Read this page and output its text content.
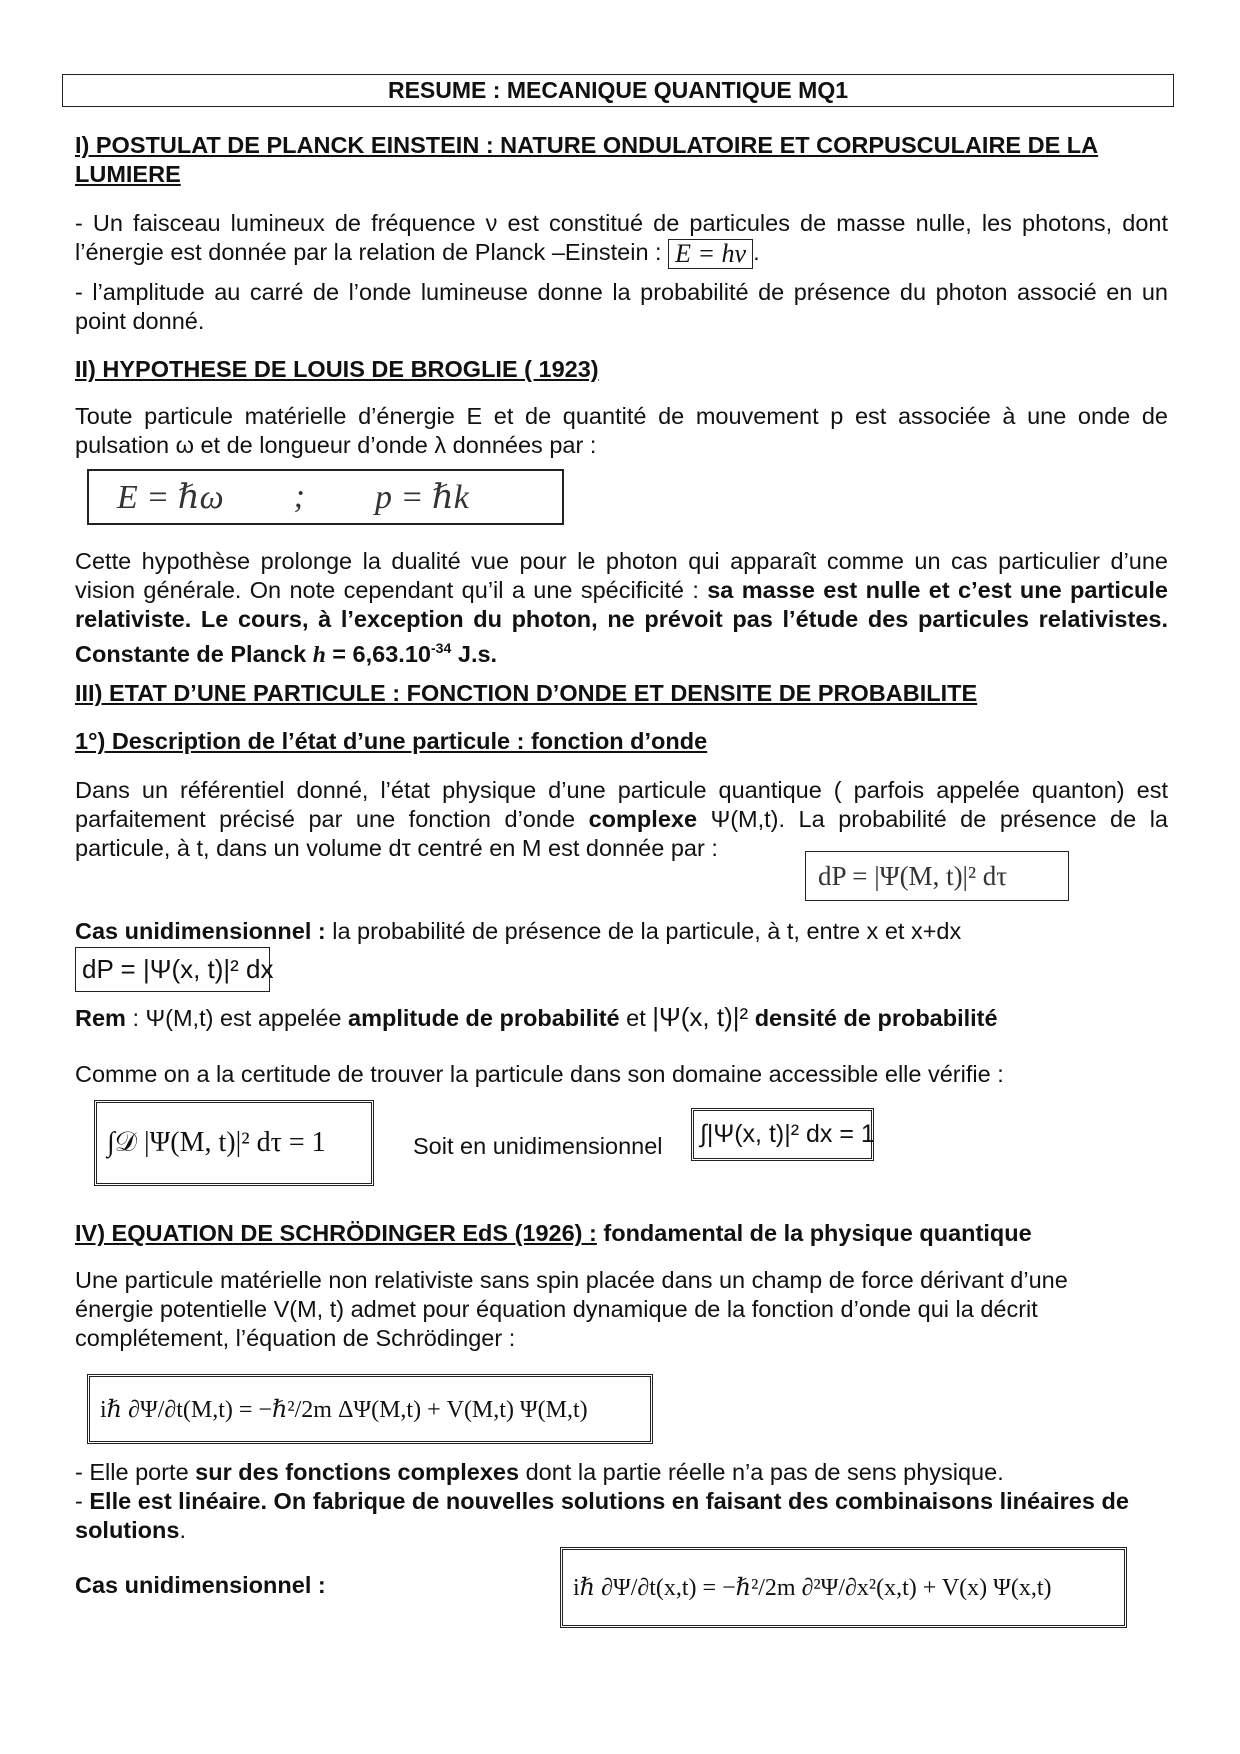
RESUME : MECANIQUE QUANTIQUE MQ1
I) POSTULAT DE PLANCK EINSTEIN : NATURE ONDULATOIRE ET CORPUSCULAIRE DE LA LUMIERE
- Un faisceau lumineux de fréquence ν est constitué de particules de masse nulle, les photons, dont l’énergie est donnée par la relation de Planck –Einstein : E = hν .
- l’amplitude au carré de l’onde lumineuse donne la probabilité de présence du photon associé en un point donné.
II) HYPOTHESE DE LOUIS DE BROGLIE ( 1923)
Toute particule matérielle d’énergie E et de quantité de mouvement p est associée à une onde de pulsation ω et de longueur d’onde λ données par :
E = ℏω ; p = ℏk
Cette hypothèse prolonge la dualité vue pour le photon qui apparaît comme un cas particulier d’une vision générale. On note cependant qu’il a une spécificité : sa masse est nulle et c’est une particule relativiste. Le cours, à l’exception du photon, ne prévoit pas l’étude des particules relativistes. Constante de Planck $h = 6,63.10^{-34}$ J.s.
III) ETAT D’UNE PARTICULE : FONCTION D’ONDE ET DENSITE DE PROBABILITE
1°) Description de l’état d’une particule : fonction d’onde
Dans un référentiel donné, l’état physique d’une particule quantique ( parfois appelée quanton) est parfaitement précisé par une fonction d’onde complexe Ψ(M,t). La probabilité de présence de la particule, à t, dans un volume dτ centré en M est donnée par :
dP = |Ψ(M, t)|² dτ
Cas unidimensionnel : la probabilité de présence de la particule, à t, entre x et x+dx
dP = |Ψ(x, t)|² dx
Rem : Ψ(M,t) est appelée amplitude de probabilité et |Ψ(x, t)|² densité de probabilité
Comme on a la certitude de trouver la particule dans son domaine accessible elle vérifie :
∫𝒟 |Ψ(M, t)|² dτ = 1	Soit en unidimensionnel ∫|Ψ(x, t)|² dx = 1
IV) EQUATION DE SCHRÖDINGER EdS (1926) : fondamental de la physique quantique
Une particule matérielle non relativiste sans spin placée dans un champ de force dérivant d’une énergie potentielle V(M, t) admet pour équation dynamique de la fonction d’onde qui la décrit complétement, l’équation de Schrödinger :
iℏ ∂Ψ/∂t(M,t) = −ℏ²/2m ΔΨ(M,t) + V(M,t) Ψ(M,t)
- Elle porte sur des fonctions complexes dont la partie réelle n’a pas de sens physique.
- Elle est linéaire. On fabrique de nouvelles solutions en faisant des combinaisons linéaires de solutions.
Cas unidimensionnel :	iℏ ∂Ψ/∂t(x,t) = −ℏ²/2m ∂²Ψ/∂x²(x,t) + V(x) Ψ(x,t)
